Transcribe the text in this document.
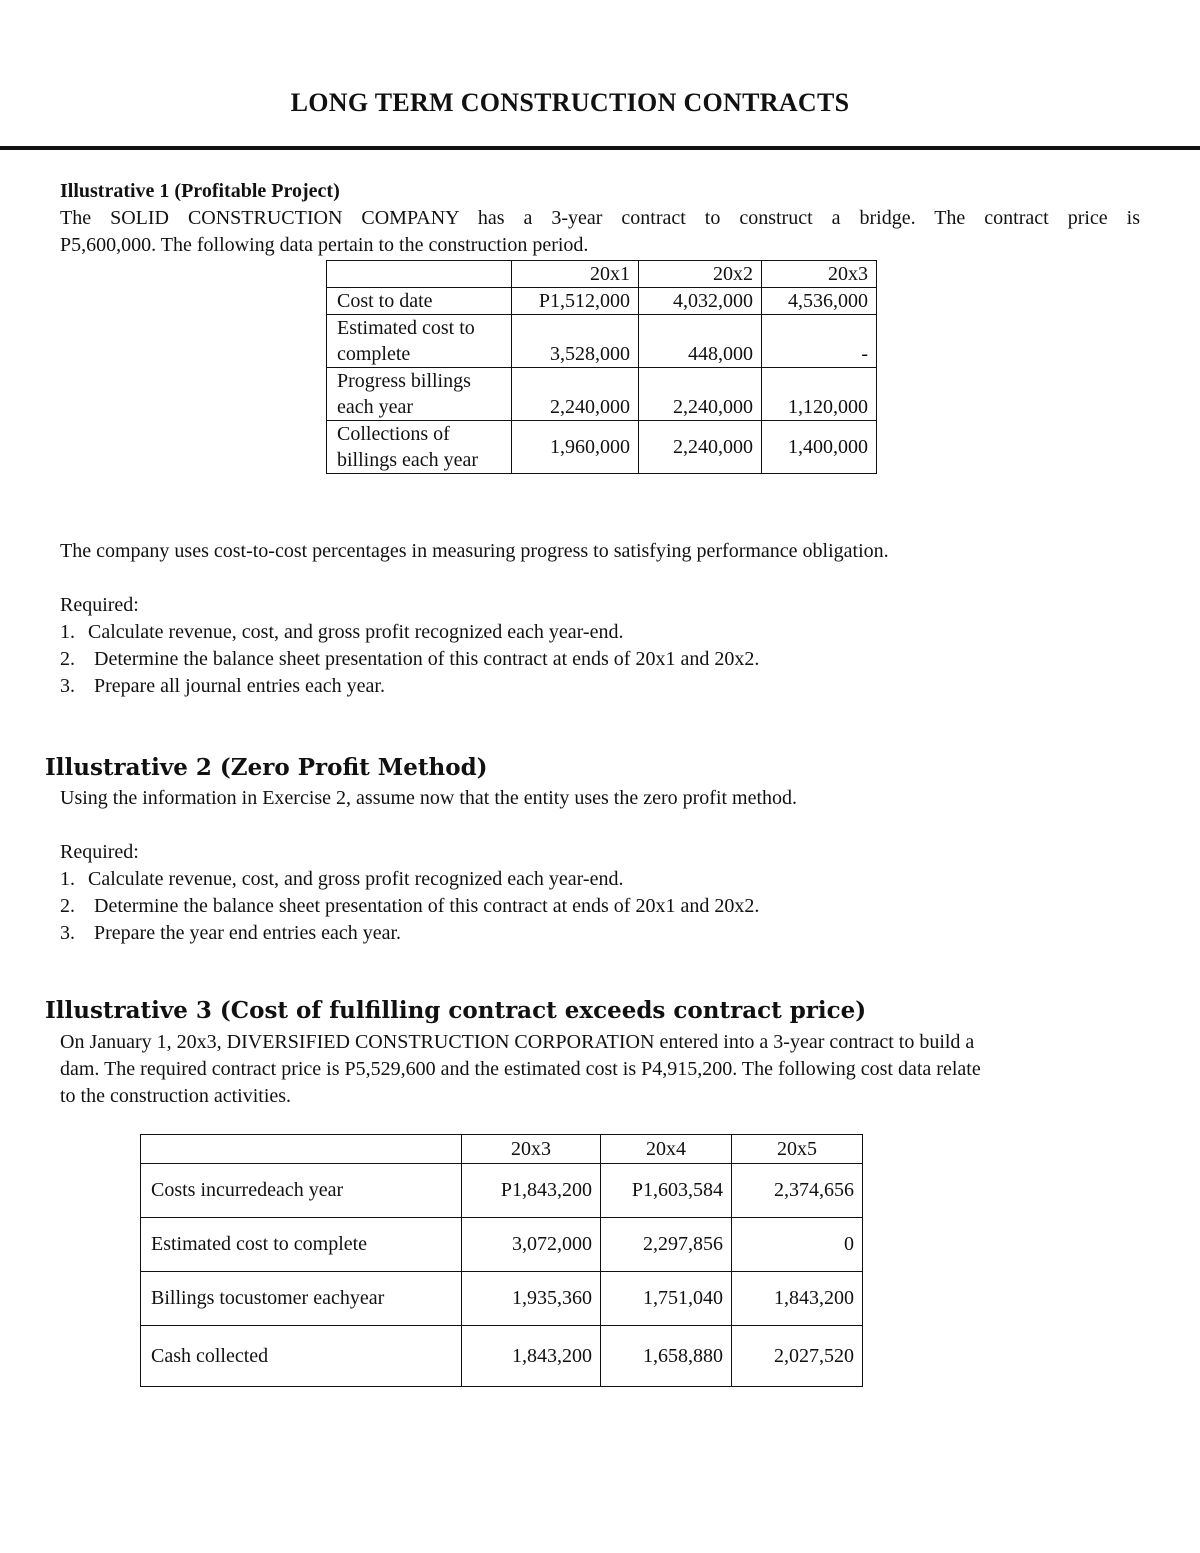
LONG TERM CONSTRUCTION CONTRACTS
Illustrative 1 (Profitable Project)
The SOLID CONSTRUCTION COMPANY has a 3-year contract to construct a bridge. The contract price is
P5,600,000. The following data pertain to the construction period.
	20x1	20x2	20x3
Cost to date	P1,512,000	4,032,000	4,536,000
Estimated cost to complete	3,528,000	448,000	-
Progress billings each year	2,240,000	2,240,000	1,120,000
Collections of billings each year	1,960,000	2,240,000	1,400,000
The company uses cost-to-cost percentages in measuring progress to satisfying performance obligation.
Required:
1. Calculate revenue, cost, and gross profit recognized each year-end.
2. Determine the balance sheet presentation of this contract at ends of 20x1 and 20x2.
3. Prepare all journal entries each year.
Illustrative 2 (Zero Profit Method)
Using the information in Exercise 2, assume now that the entity uses the zero profit method.
Required:
1. Calculate revenue, cost, and gross profit recognized each year-end.
2. Determine the balance sheet presentation of this contract at ends of 20x1 and 20x2.
3. Prepare the year end entries each year.
Illustrative 3 (Cost of fulfilling contract exceeds contract price)
On January 1, 20x3, DIVERSIFIED CONSTRUCTION CORPORATION entered into a 3-year contract to build a
dam. The required contract price is P5,529,600 and the estimated cost is P4,915,200. The following cost data relate
to the construction activities.
	20x3	20x4	20x5
Costs incurredeach year	P1,843,200	P1,603,584	2,374,656
Estimated cost to complete	3,072,000	2,297,856	0
Billings tocustomer eachyear	1,935,360	1,751,040	1,843,200
Cash collected	1,843,200	1,658,880	2,027,520
